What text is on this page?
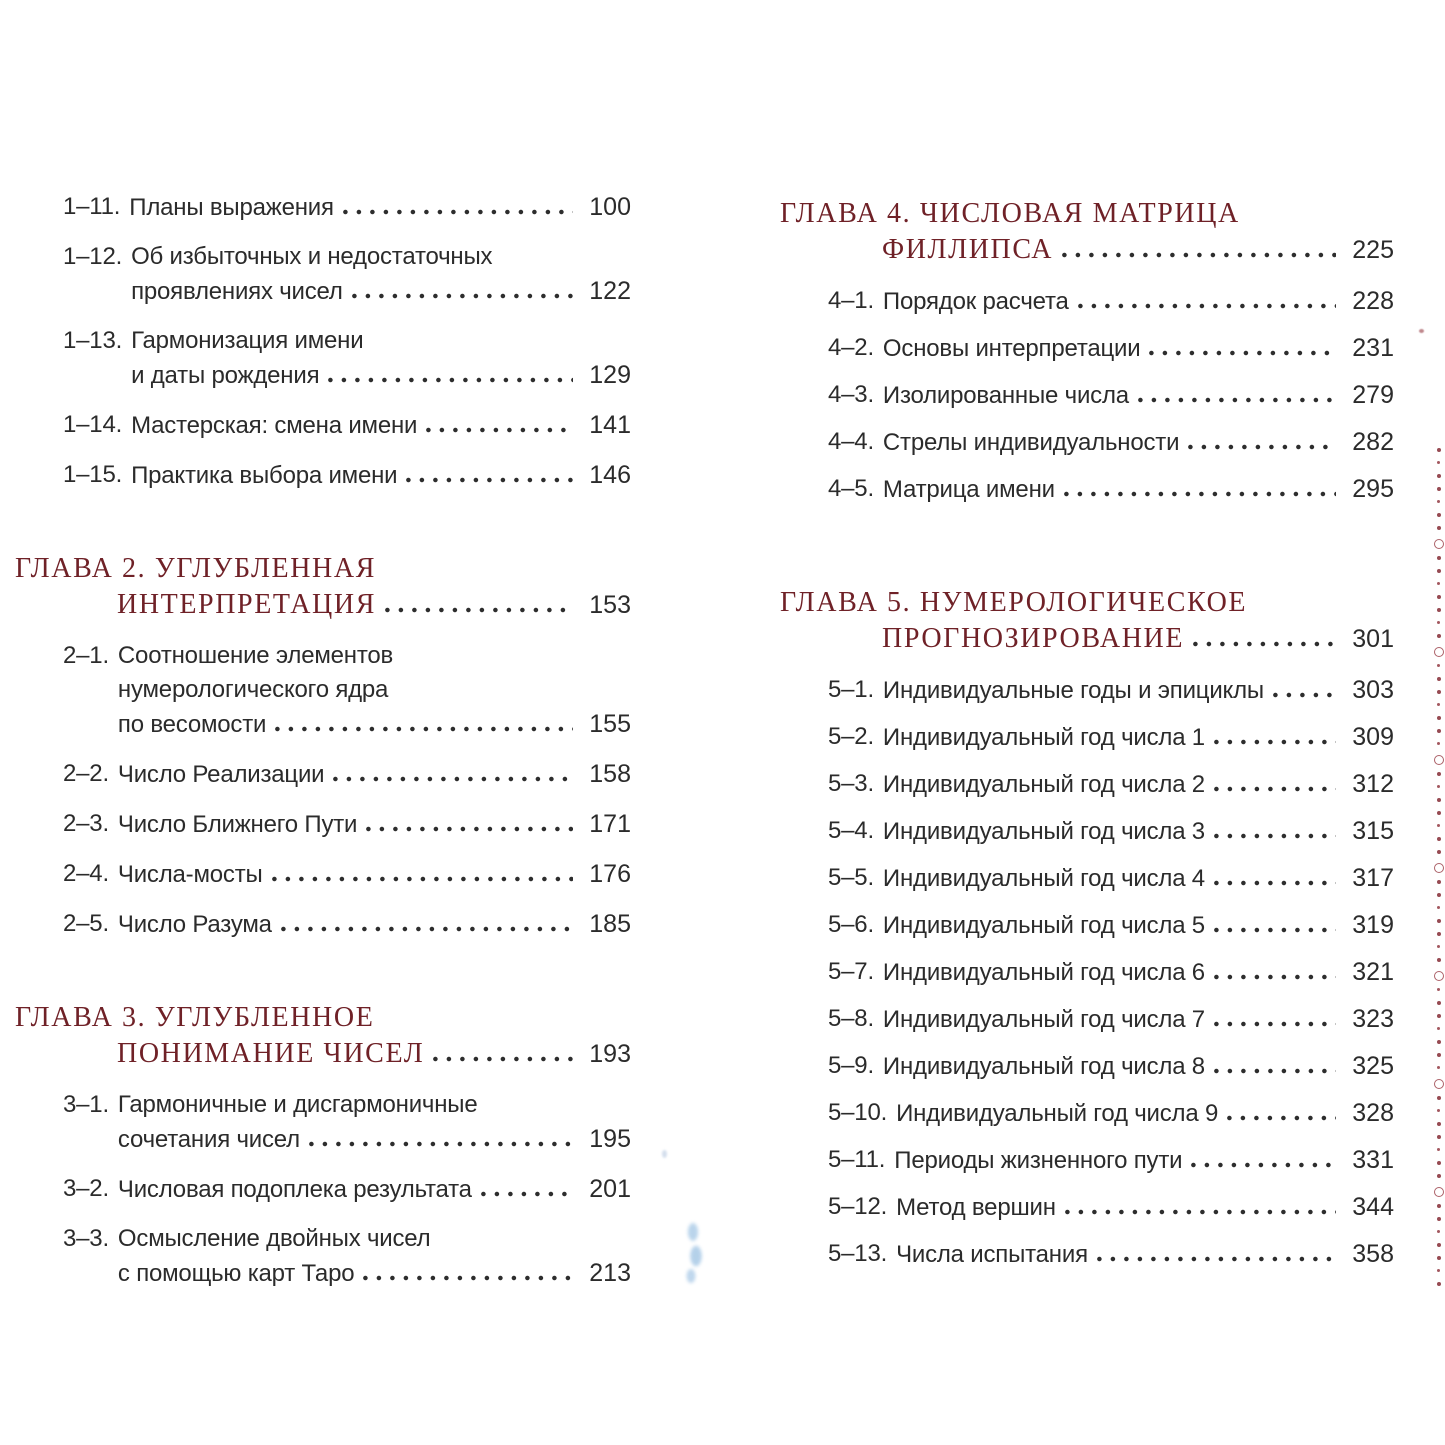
1–11. Планы выражения	100
1–12. Об избыточных и недостаточных
проявлениях чисел	122
1–13. Гармонизация имени
и даты рождения	129
1–14. Мастерская: смена имени	141
1–15. Практика выбора имени	146
ГЛАВА 2. УГЛУБЛЕННАЯ
ИНТЕРПРЕТАЦИЯ	153
2–1. Соотношение элементов
нумерологического ядра
по весомости	155
2–2. Число Реализации	158
2–3. Число Ближнего Пути	171
2–4. Числа-мосты	176
2–5. Число Разума	185
ГЛАВА 3. УГЛУБЛЕННОЕ
ПОНИМАНИЕ ЧИСЕЛ	193
3–1. Гармоничные и дисгармоничные
сочетания чисел	195
3–2. Числовая подоплека результата	201
3–3. Осмысление двойных чисел
с помощью карт Таро	213
ГЛАВА 4. ЧИСЛОВАЯ МАТРИЦА
ФИЛЛИПСА	225
4–1. Порядок расчета	228
4–2. Основы интерпретации	231
4–3. Изолированные числа	279
4–4. Стрелы индивидуальности	282
4–5. Матрица имени	295
ГЛАВА 5. НУМЕРОЛОГИЧЕСКОЕ
ПРОГНОЗИРОВАНИЕ	301
5–1. Индивидуальные годы и эпициклы	303
5–2. Индивидуальный год числа 1	309
5–3. Индивидуальный год числа 2	312
5–4. Индивидуальный год числа 3	315
5–5. Индивидуальный год числа 4	317
5–6. Индивидуальный год числа 5	319
5–7. Индивидуальный год числа 6	321
5–8. Индивидуальный год числа 7	323
5–9. Индивидуальный год числа 8	325
5–10. Индивидуальный год числа 9	328
5–11. Периоды жизненного пути	331
5–12. Метод вершин	344
5–13. Числа испытания	358
